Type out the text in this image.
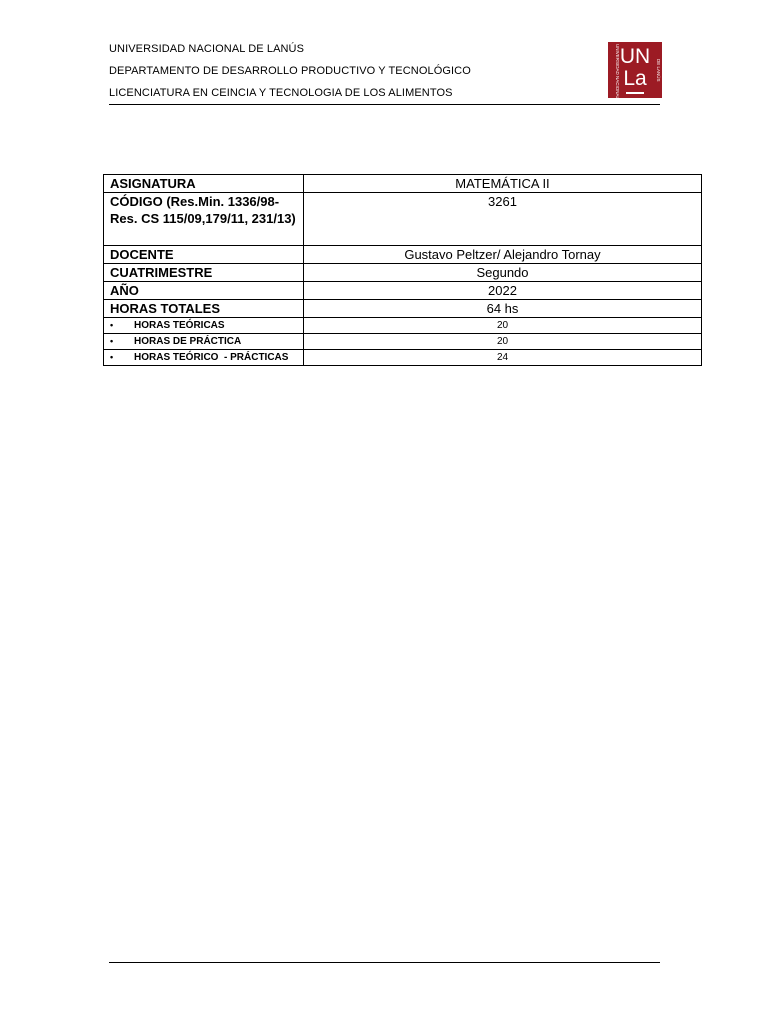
UNIVERSIDAD NACIONAL DE LANÚS
DEPARTAMENTO DE DESARROLLO PRODUCTIVO Y TECNOLÓGICO
LICENCIATURA EN CEINCIA Y TECNOLOGIA DE LOS ALIMENTOS	UNIVERSIDAD NACIONAL UN
La	DE LANÚS
ASIGNATURA	MATEMÁTICA II
CÓDIGO (Res.Min. 1336/98-Res. CS 115/09,179/11, 231/13)	3261
DOCENTE	Gustavo Peltzer/ Alejandro Tornay
CUATRIMESTRE	Segundo
AÑO	2022
HORAS TOTALES	64 hs
• HORAS TEÓRICAS	20
• HORAS DE PRÁCTICA	20
• HORAS TEÓRICO  - PRÁCTICAS	24
